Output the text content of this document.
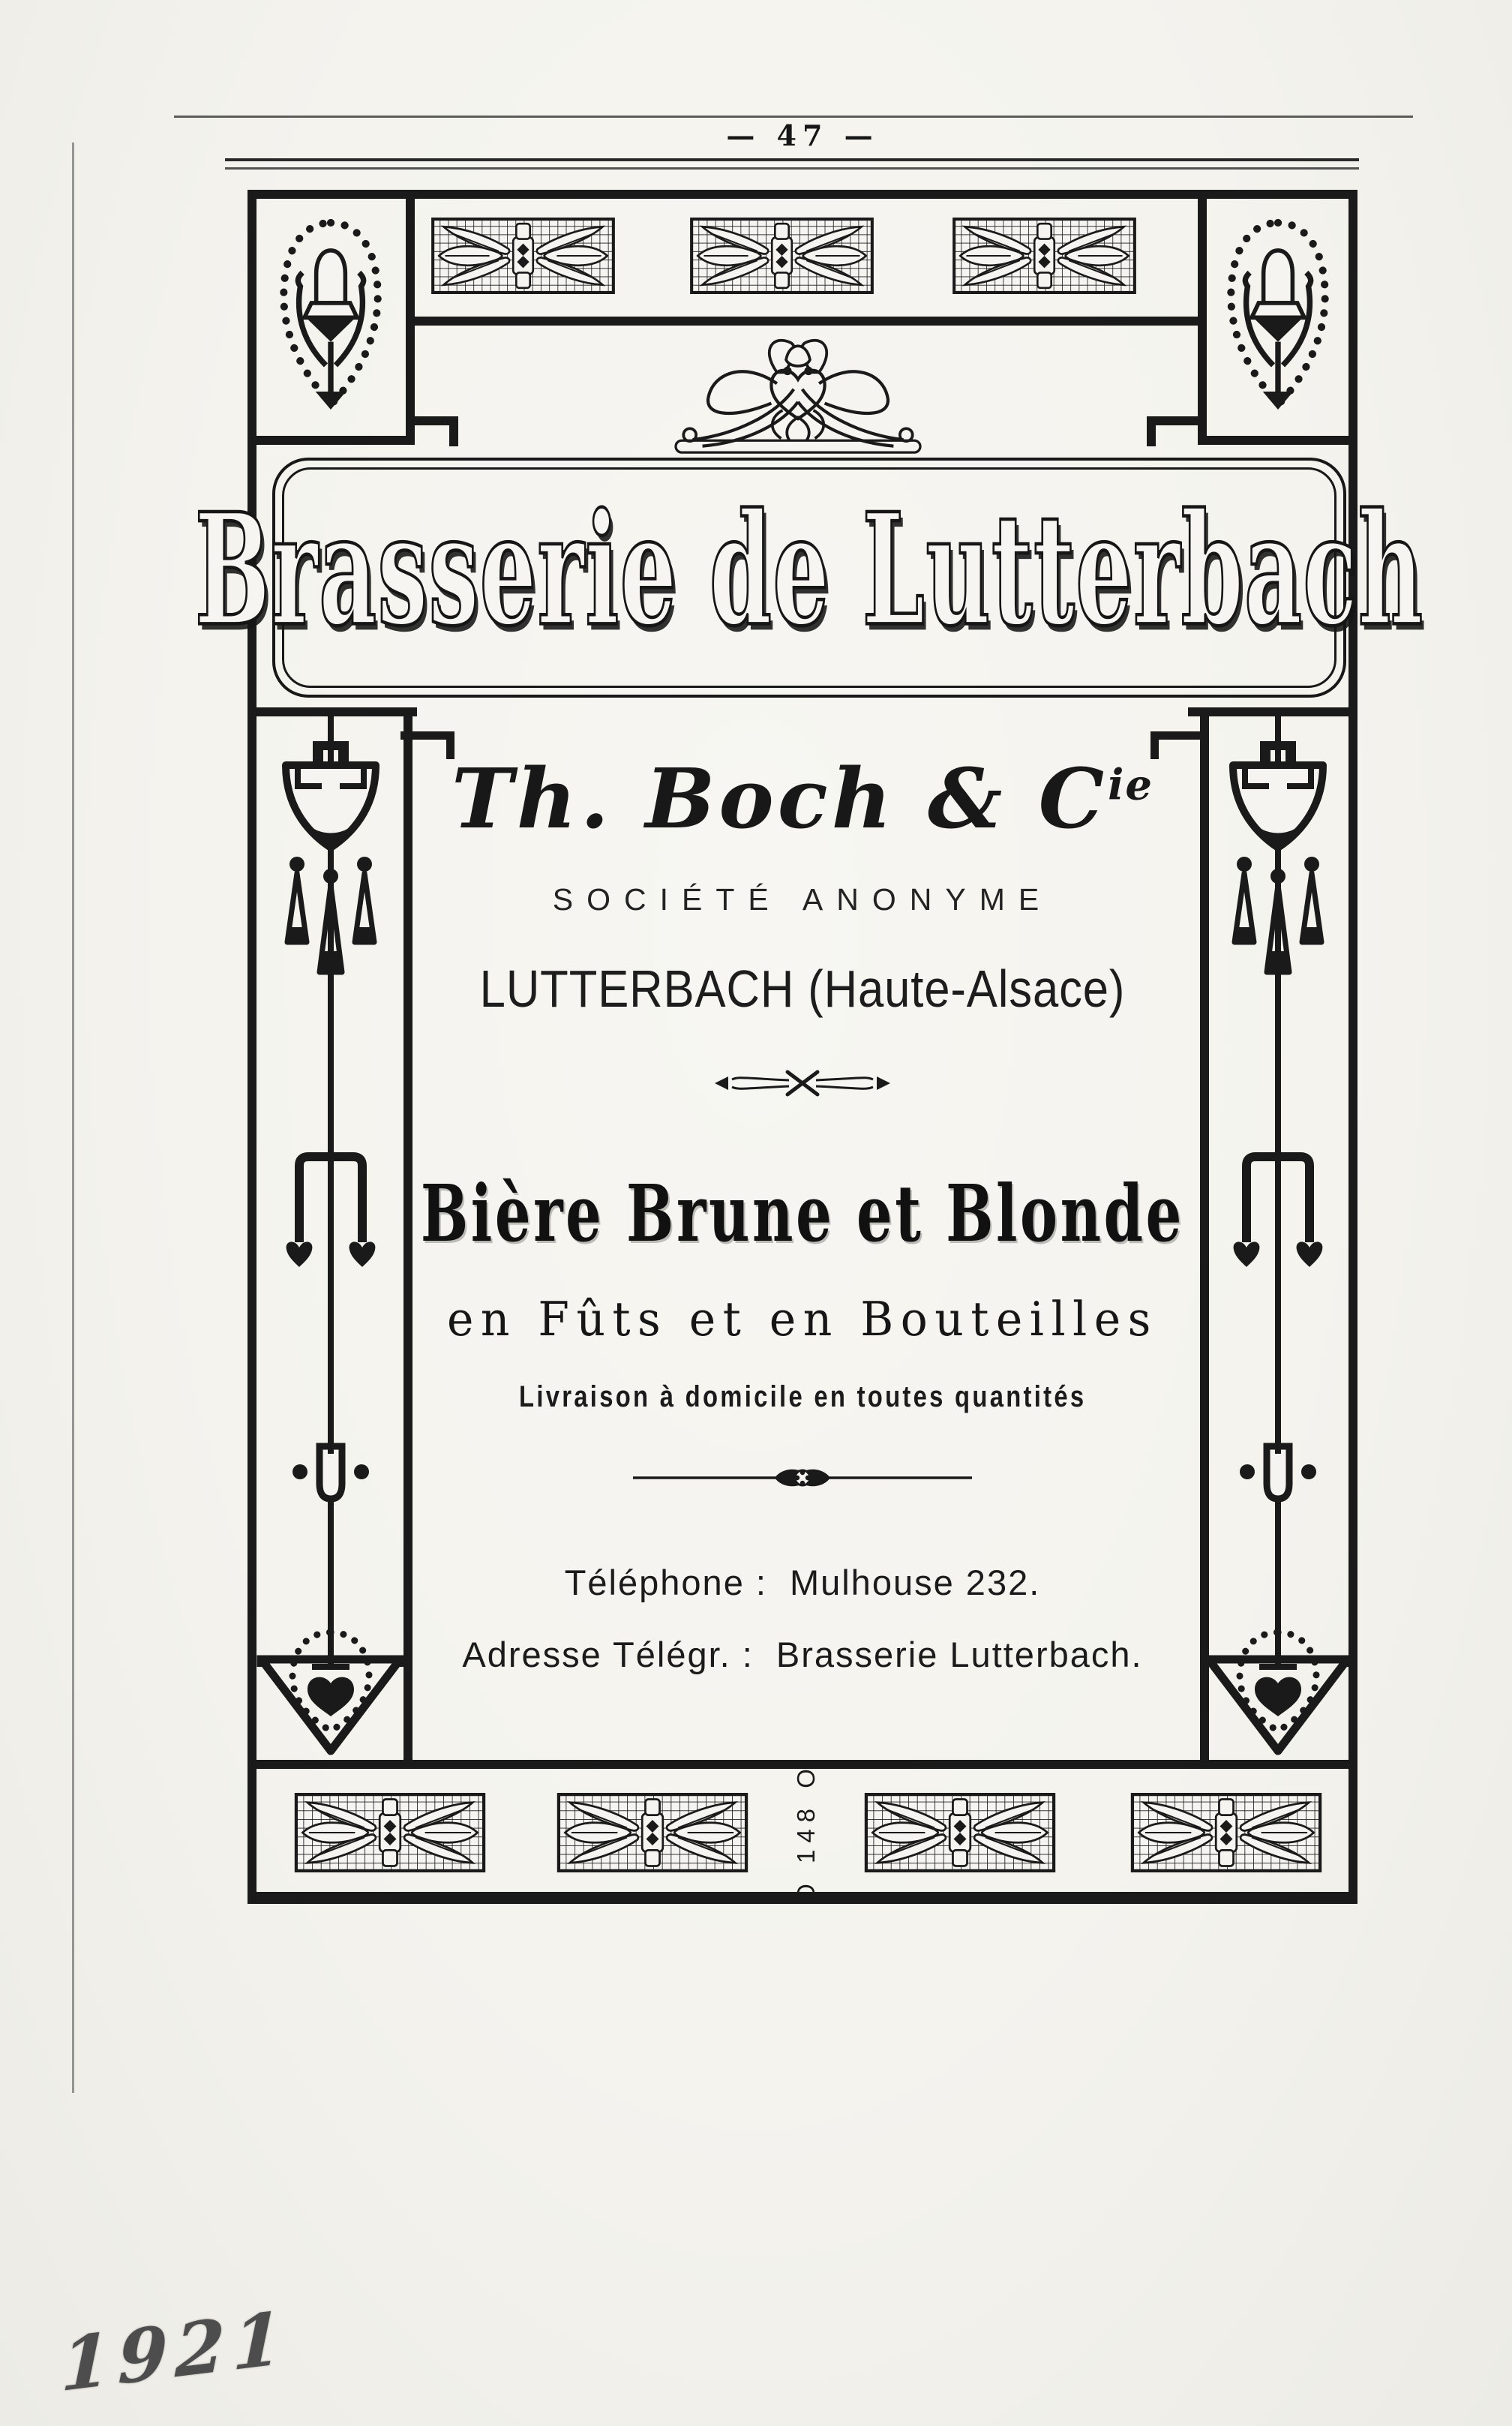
— 47 —
Brasserie de Lutterbach
Th. Boch & $C^{ie}$
SOCIÉTÉ ANONYME
LUTTERBACH (Haute-Alsace)
Bière Brune et Blonde
en Fûts et en Bouteilles
Livraison à domicile en toutes quantités
Téléphone : Mulhouse 232.
Adresse Télégr. : Brasserie Lutterbach.
O 148 O
1921
